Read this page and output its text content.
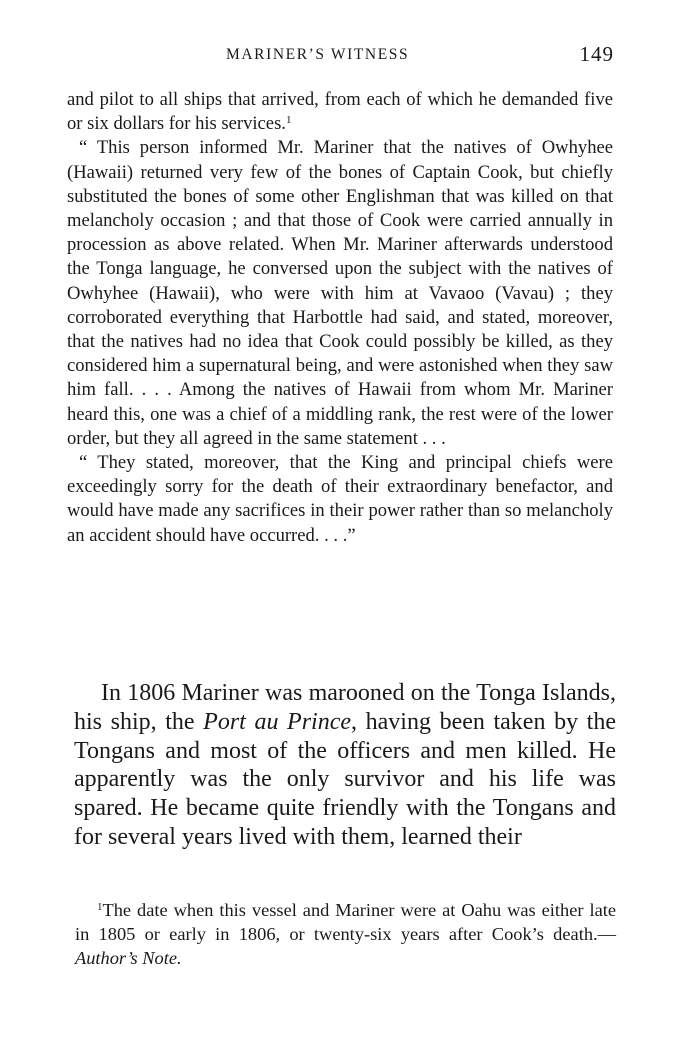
MARINER’S WITNESS	149

and pilot to all ships that arrived, from each of which he demanded five or six dollars for his services.$^1$

“ This person informed Mr. Mariner that the natives of Owhyhee (Hawaii) returned very few of the bones of Captain Cook, but chiefly substituted the bones of some other Englishman that was killed on that melancholy occasion ; and that those of Cook were carried annually in procession as above related. When Mr. Mariner afterwards understood the Tonga language, he conversed upon the subject with the natives of Owhyhee (Hawaii), who were with him at Vavaoo (Vavau) ; they corroborated everything that Harbottle had said, and stated, moreover, that the natives had no idea that Cook could possibly be killed, as they considered him a supernatural being, and were astonished when they saw him fall. . . . Among the natives of Hawaii from whom Mr. Mariner heard this, one was a chief of a middling rank, the rest were of the lower order, but they all agreed in the same statement . . .

“ They stated, moreover, that the King and principal chiefs were exceedingly sorry for the death of their extraordinary benefactor, and would have made any sacrifices in their power rather than so melancholy an accident should have occurred. . . .”

In 1806 Mariner was marooned on the Tonga Islands, his ship, the Port au Prince, having been taken by the Tongans and most of the officers and men killed. He apparently was the only survivor and his life was spared. He became quite friendly with the Tongans and for several years lived with them, learned their

$^1$The date when this vessel and Mariner were at Oahu was either late in 1805 or early in 1806, or twenty-six years after Cook’s death.—Author’s Note.
